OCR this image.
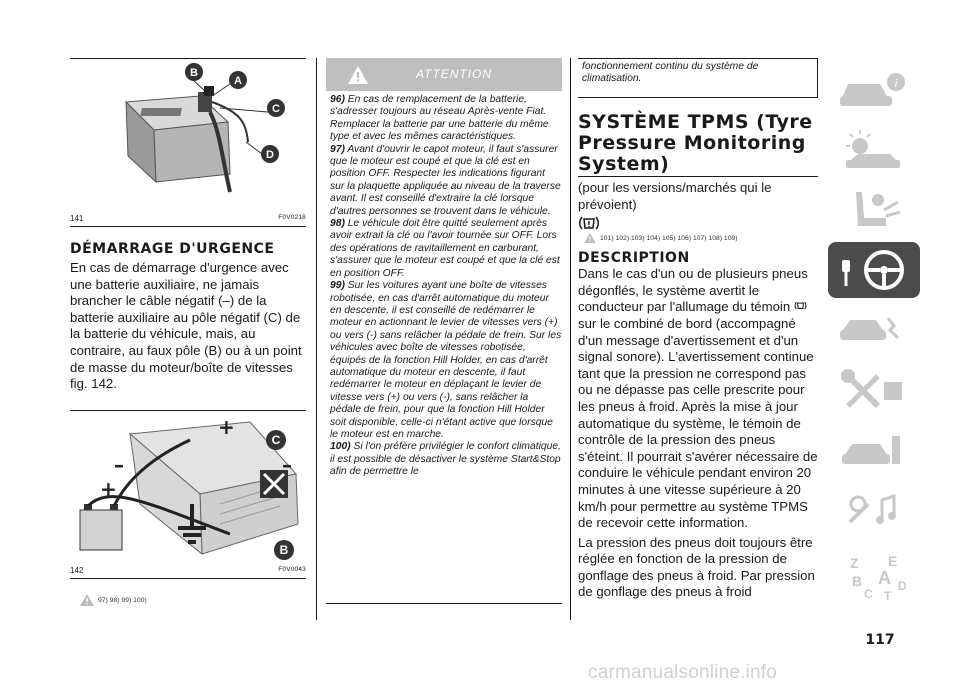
B
A
C
D
141	F0V0218
DÉMARRAGE D'URGENCE

En cas de démarrage d'urgence avec une batterie auxiliaire, ne jamais brancher le câble négatif (–) de la batterie auxiliaire au pôle négatif (C) de la batterie du véhicule, mais, au contraire, au faux pôle (B) ou à un point de masse du moteur/boîte de vitesses fig. 142.

+
+
–	–
C
B
142	F0V0043
97) 98) 99) 100)
ATTENTION

96) En cas de remplacement de la batterie, s'adresser toujours au réseau Après-vente Fiat. Remplacer la batterie par une batterie du même type et avec les mêmes caractéristiques.

97) Avant d'ouvrir le capot moteur, il faut s'assurer que le moteur est coupé et que la clé est en position OFF. Respecter les indications figurant sur la plaquette appliquée au niveau de la traverse avant. Il est conseillé d'extraire la clé lorsque d'autres personnes se trouvent dans le véhicule.

98) Le véhicule doit être quitté seulement après avoir extrait la clé ou l'avoir tournée sur OFF. Lors des opérations de ravitaillement en carburant, s'assurer que le moteur est coupé et que la clé est en position OFF.

99) Sur les voitures ayant une boîte de vitesses robotisée, en cas d'arrêt automatique du moteur en descente, il est conseillé de redémarrer le moteur en actionnant le levier de vitesses vers (+) ou vers (-) sans relâcher la pédale de frein. Sur les véhicules avec boîte de vitesses robotisée, équipés de la fonction Hill Holder, en cas d'arrêt automatique du moteur en descente, il faut redémarrer le moteur en déplaçant le levier de vitesse vers (+) ou vers (-), sans relâcher la pédale de frein, pour que la fonction Hill Holder soit disponible, celle-ci n'étant active que lorsque le moteur est en marche.

100) Si l'on préfère privilégier le confort climatique, il est possible de désactiver le système Start&Stop afin de permettre le

fonctionnement continu du système de climatisation.

SYSTÈME TPMS (Tyre Pressure Monitoring System)

(pour les versions/marchés qui le prévoient)

101) 102) 103) 104) 105) 106) 107) 108) 109)
DESCRIPTION

Dans le cas d'un ou de plusieurs pneus dégonflés, le système avertit le conducteur par l'allumage du témoin  sur le combiné de bord (accompagné d'un message d'avertissement et d'un signal sonore). L'avertissement continue tant que la pression ne correspond pas ou ne dépasse pas celle prescrite pour les pneus à froid. Après la mise à jour automatique du système, le témoin de contrôle de la pression des pneus s'éteint. Il pourrait s'avérer nécessaire de conduire le véhicule pendant environ 20 minutes à une vitesse supérieure à 20 km/h pour permettre au système TPMS de recevoir cette information.

La pression des pneus doit toujours être réglée en fonction de la pression de gonflage des pneus à froid. Par pression de gonflage des pneus à froid

i
Z E
B A D
C T
117
carmanualsonline.info
